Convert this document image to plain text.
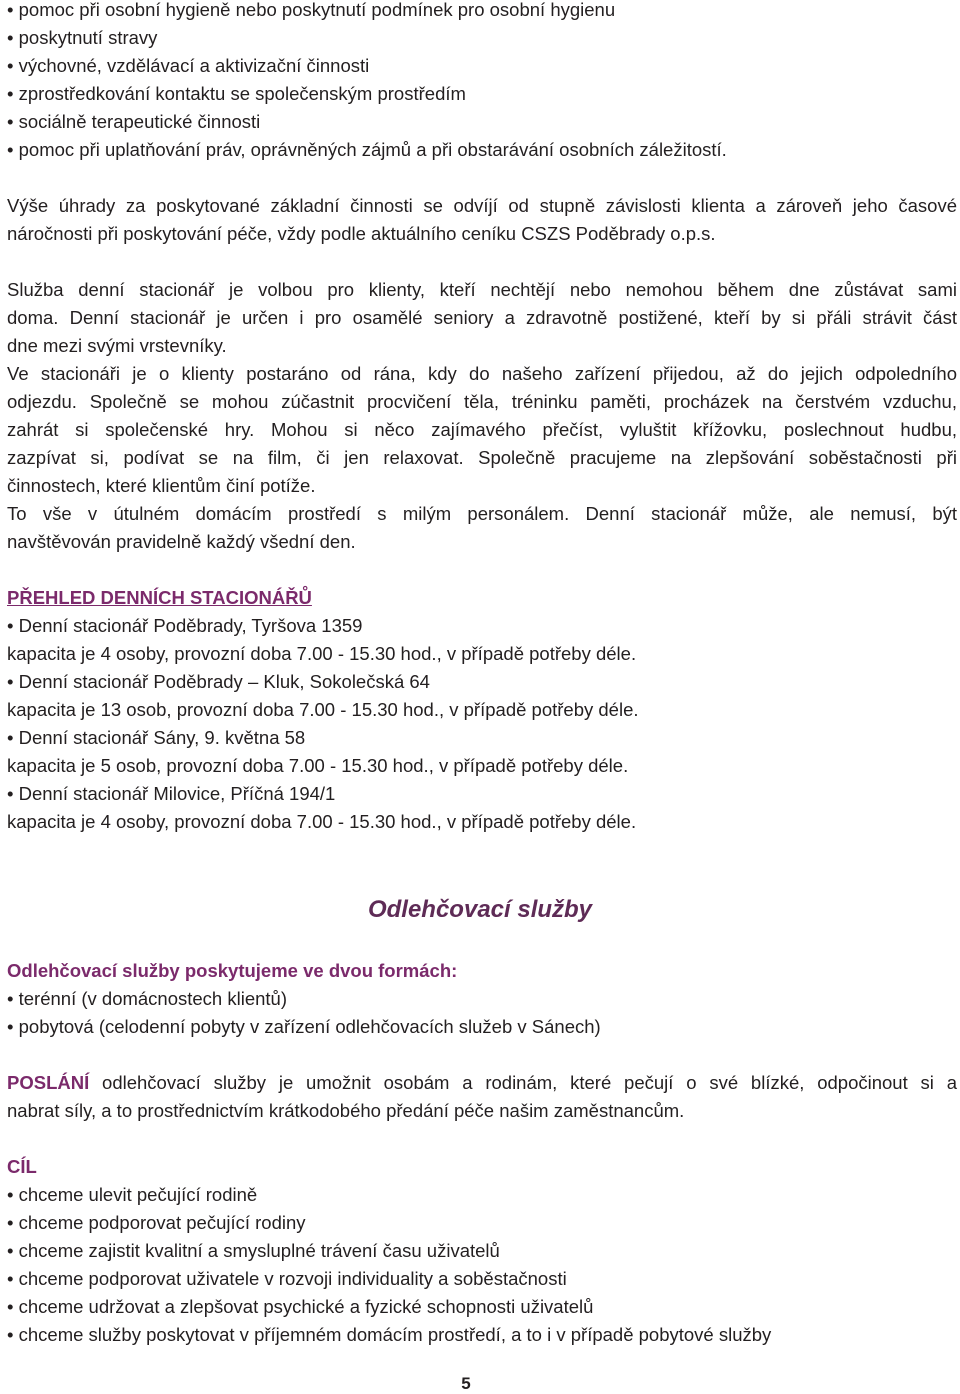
• pomoc při osobní hygieně nebo poskytnutí podmínek pro osobní hygienu
• poskytnutí stravy
• výchovné, vzdělávací a aktivizační činnosti
• zprostředkování kontaktu se společenským prostředím
• sociálně terapeutické činnosti
• pomoc při uplatňování práv, oprávněných zájmů a při obstarávání osobních záležitostí.
Výše úhrady za poskytované základní činnosti se odvíjí od stupně závislosti klienta a zároveň jeho časové
náročnosti při poskytování péče, vždy podle aktuálního ceníku CSZS Poděbrady o.p.s.
Služba denní stacionář je volbou pro klienty, kteří nechtějí nebo nemohou během dne zůstávat sami
doma. Denní stacionář je určen i pro osamělé seniory a zdravotně postižené, kteří by si přáli strávit část
dne mezi svými vrstevníky.
Ve stacionáři je o klienty postaráno od rána, kdy do našeho zařízení přijedou, až do jejich odpoledního
odjezdu. Společně se mohou zúčastnit procvičení těla, tréninku paměti, procházek na čerstvém vzduchu,
zahrát si společenské hry. Mohou si něco zajímavého přečíst, vyluštit křížovku, poslechnout hudbu,
zazpívat si, podívat se na film, či jen relaxovat. Společně pracujeme na zlepšování soběstačnosti při
činnostech, které klientům činí potíže.
To vše v útulném domácím prostředí s milým personálem. Denní stacionář může, ale nemusí, být
navštěvován pravidelně každý všední den.
PŘEHLED DENNÍCH STACIONÁŘŮ
• Denní stacionář Poděbrady, Tyršova 1359
kapacita je 4 osoby, provozní doba 7.00 - 15.30 hod., v případě potřeby déle.
• Denní stacionář Poděbrady – Kluk, Sokolečská 64
kapacita je 13 osob, provozní doba 7.00 - 15.30 hod., v případě potřeby déle.
• Denní stacionář Sány, 9. května 58
kapacita je 5 osob, provozní doba 7.00 - 15.30 hod., v případě potřeby déle.
• Denní stacionář Milovice, Příčná 194/1
kapacita je 4 osoby, provozní doba 7.00 - 15.30 hod., v případě potřeby déle.
Odlehčovací služby
Odlehčovací služby poskytujeme ve dvou formách:
• terénní (v domácnostech klientů)
• pobytová (celodenní pobyty v zařízení odlehčovacích služeb v Sánech)
POSLÁNÍ odlehčovací služby je umožnit osobám a rodinám, které pečují o své blízké, odpočinout si a
nabrat síly, a to prostřednictvím krátkodobého předání péče našim zaměstnancům.
CÍL
• chceme ulevit pečující rodině
• chceme podporovat pečující rodiny
• chceme zajistit kvalitní a smysluplné trávení času uživatelů
• chceme podporovat uživatele v rozvoji individuality a soběstačnosti
• chceme udržovat a zlepšovat psychické a fyzické schopnosti uživatelů
• chceme služby poskytovat v příjemném domácím prostředí, a to i v případě pobytové služby
5
